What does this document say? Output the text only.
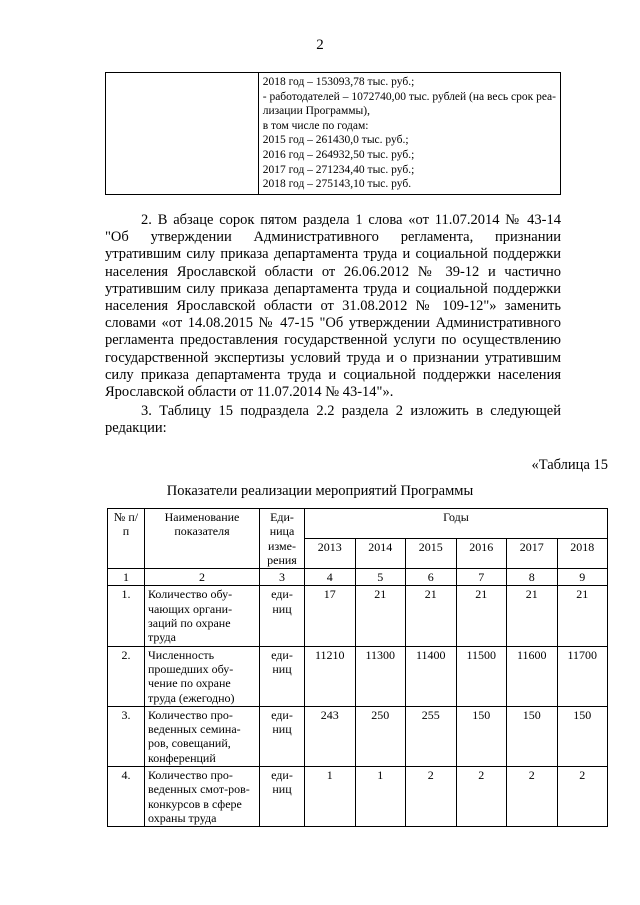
2

2018 год – 153093,78 тыс. руб.;
- работодателей – 1072740,00 тыс. рублей (на весь срок реа-
лизации Программы),
в том числе по годам:
2015 год – 261430,0 тыс. руб.;
2016 год – 264932,50 тыс. руб.;
2017 год – 271234,40 тыс. руб.;
2018 год – 275143,10 тыс. руб.

2. В абзаце сорок пятом раздела 1 слова «от 11.07.2014 № 43-14 "Об утверждении Административного регламента, признании утратившим силу приказа департамента труда и социальной поддержки населения Ярославской области от 26.06.2012 № 39-12 и частично утратившим силу приказа департамента труда и социальной поддержки населения Ярославской области от 31.08.2012 № 109-12"» заменить словами «от 14.08.2015 № 47-15 "Об утверждении Административного регламента предоставления государственной услуги по осуществлению государственной экспертизы условий труда и о признании утратившим силу приказа департамента труда и социальной поддержки населения Ярославской области от 11.07.2014 № 43-14"».

3. Таблицу 15 подраздела 2.2 раздела 2 изложить в следующей редакции:

«Таблица 15
Показатели реализации мероприятий Программы
№ п/п	Наименование показателя	Еди-ница изме-рения	Годы					
			2013	2014	2015	2016	2017	2018
1	2	3	4	5	6	7	8	9
1.	Количество обу-чающих органи-заций по охране труда	еди-ниц	17	21	21	21	21	21
2.	Численность прошедших обу-чение по охране труда (ежегодно)	еди-ниц	11210	11300	11400	11500	11600	11700
3.	Количество про-веденных семина-ров, совещаний, конференций	еди-ниц	243	250	255	150	150	150
4.	Количество про-веденных смот-ров-конкурсов в сфере охраны труда	еди-ниц	1	1	2	2	2	2
